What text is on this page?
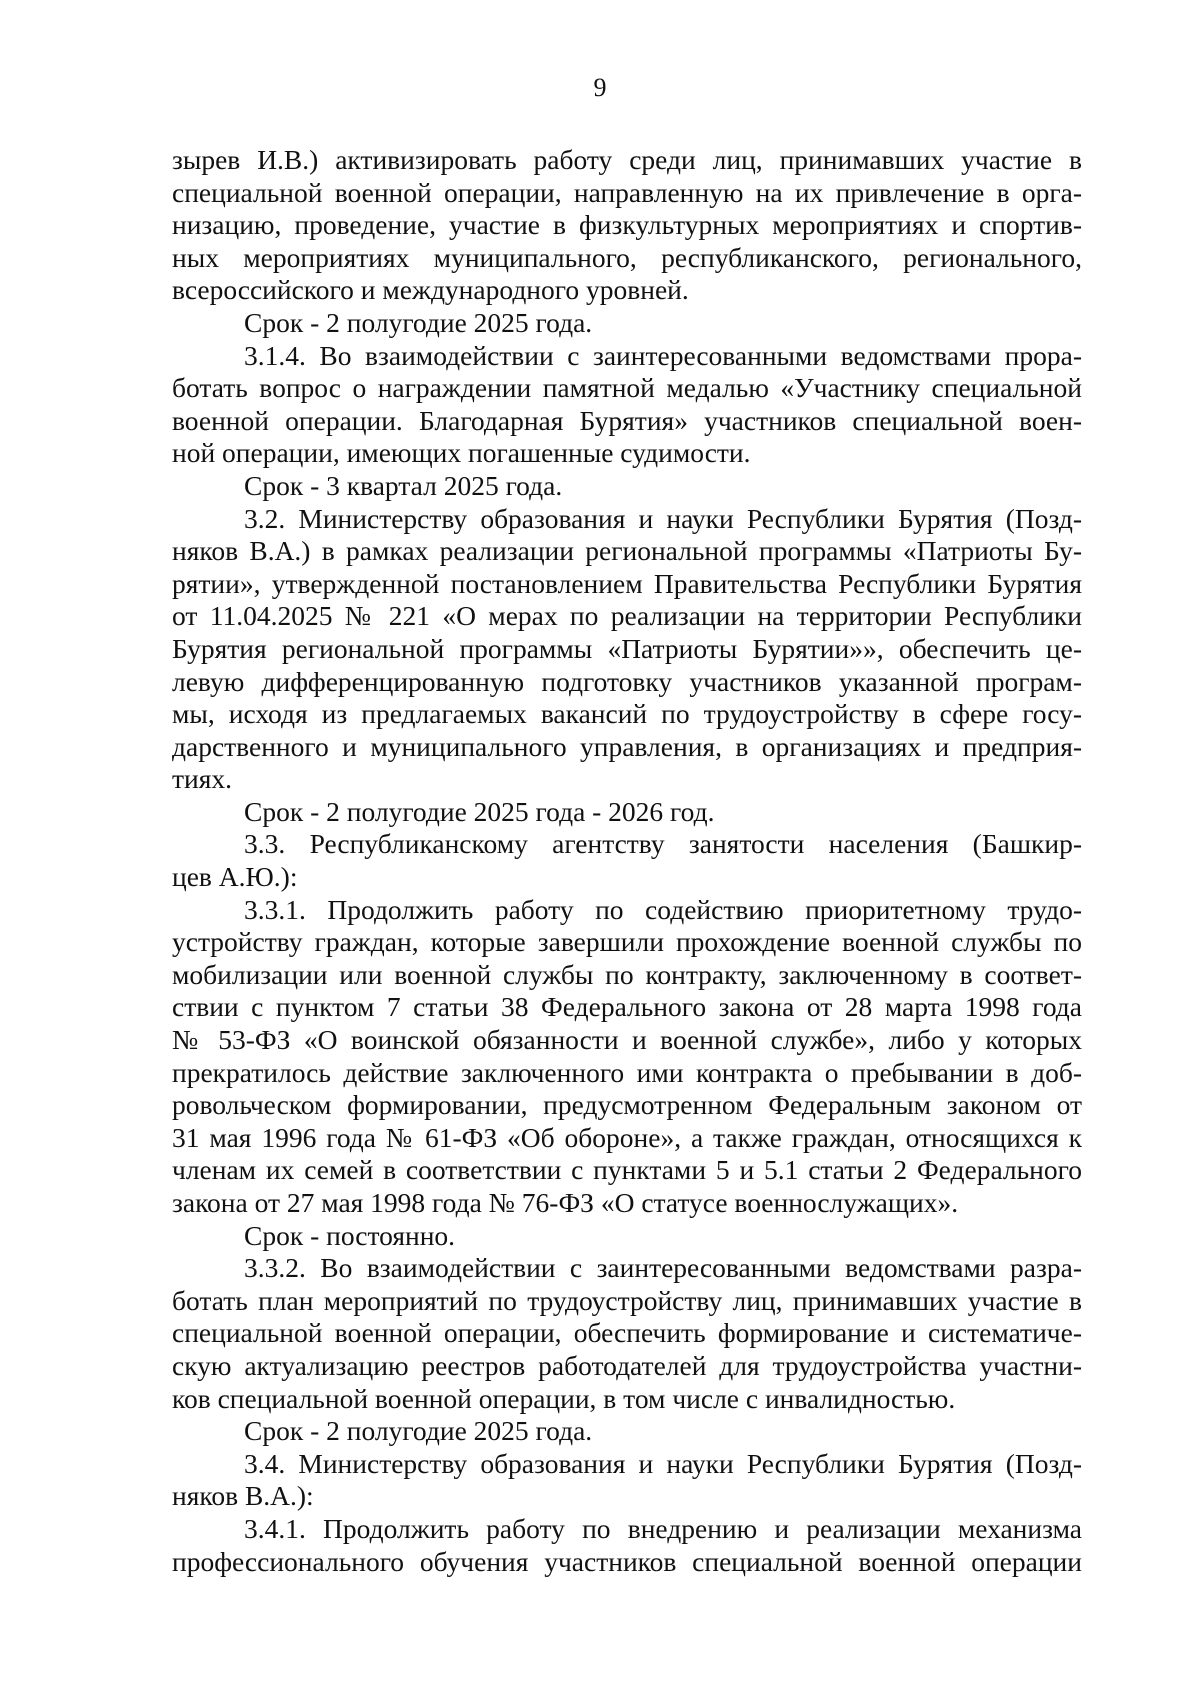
9
зырев И.В.) активизировать работу среди лиц, принимавших участие в
специальной военной операции, направленную на их привлечение в орга-
низацию, проведение, участие в физкультурных мероприятиях и спортив-
ных мероприятиях муниципального, республиканского, регионального,
всероссийского и международного уровней.
Срок - 2 полугодие 2025 года.
3.1.4. Во взаимодействии с заинтересованными ведомствами прора-
ботать вопрос о награждении памятной медалью «Участнику специальной
военной операции. Благодарная Бурятия» участников специальной воен-
ной операции, имеющих погашенные судимости.
Срок - 3 квартал 2025 года.
3.2. Министерству образования и науки Республики Бурятия (Позд-
няков В.А.) в рамках реализации региональной программы «Патриоты Бу-
рятии», утвержденной постановлением Правительства Республики Бурятия
от 11.04.2025 № 221 «О мерах по реализации на территории Республики
Бурятия региональной программы «Патриоты Бурятии»», обеспечить це-
левую дифференцированную подготовку участников указанной програм-
мы, исходя из предлагаемых вакансий по трудоустройству в сфере госу-
дарственного и муниципального управления, в организациях и предприя-
тиях.
Срок - 2 полугодие 2025 года - 2026 год.
3.3. Республиканскому агентству занятости населения (Башкир-
цев А.Ю.):
3.3.1. Продолжить работу по содействию приоритетному трудо-
устройству граждан, которые завершили прохождение военной службы по
мобилизации или военной службы по контракту, заключенному в соответ-
ствии с пунктом 7 статьи 38 Федерального закона от 28 марта 1998 года
№ 53-ФЗ «О воинской обязанности и военной службе», либо у которых
прекратилось действие заключенного ими контракта о пребывании в доб-
ровольческом формировании, предусмотренном Федеральным законом от
31 мая 1996 года № 61-ФЗ «Об обороне», а также граждан, относящихся к
членам их семей в соответствии с пунктами 5 и 5.1 статьи 2 Федерального
закона от 27 мая 1998 года № 76-ФЗ «О статусе военнослужащих».
Срок - постоянно.
3.3.2. Во взаимодействии с заинтересованными ведомствами разра-
ботать план мероприятий по трудоустройству лиц, принимавших участие в
специальной военной операции, обеспечить формирование и систематиче-
скую актуализацию реестров работодателей для трудоустройства участни-
ков специальной военной операции, в том числе с инвалидностью.
Срок - 2 полугодие 2025 года.
3.4. Министерству образования и науки Республики Бурятия (Позд-
няков В.А.):
3.4.1. Продолжить работу по внедрению и реализации механизма
профессионального обучения участников специальной военной операции
